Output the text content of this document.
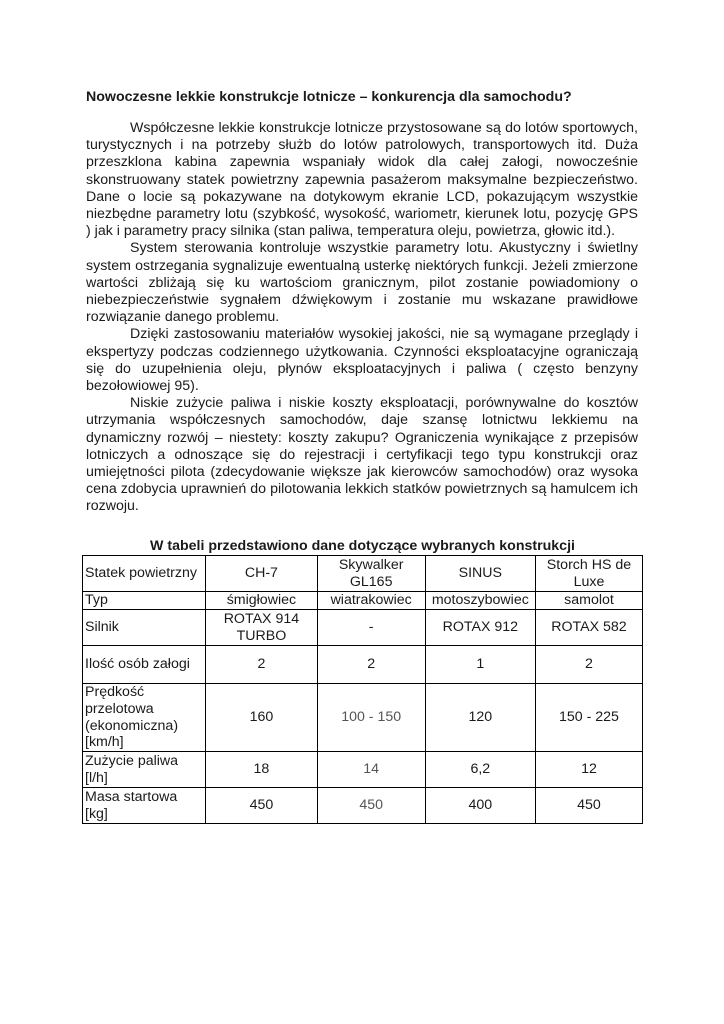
Nowoczesne lekkie konstrukcje lotnicze – konkurencja dla samochodu?

Współczesne lekkie konstrukcje lotnicze przystosowane są do lotów sportowych, turystycznych i na potrzeby służb do lotów patrolowych, transportowych itd. Duża przeszklona kabina zapewnia wspaniały widok dla całej załogi, nowocześnie skonstruowany statek powietrzny zapewnia pasażerom maksymalne bezpieczeństwo. Dane o locie są pokazywane na dotykowym ekranie LCD, pokazującym wszystkie niezbędne parametry lotu (szybkość, wysokość, wariometr, kierunek lotu, pozycję GPS ) jak i parametry pracy silnika (stan paliwa, temperatura oleju, powietrza, głowic itd.).

System sterowania kontroluje wszystkie parametry lotu. Akustyczny i świetlny system ostrzegania sygnalizuje ewentualną usterkę niektórych funkcji. Jeżeli zmierzone wartości zbliżają się ku wartościom granicznym, pilot zostanie powiadomiony o niebezpieczeństwie sygnałem dźwiękowym i zostanie mu wskazane prawidłowe rozwiązanie danego problemu.

Dzięki zastosowaniu materiałów wysokiej jakości, nie są wymagane przeglądy i ekspertyzy podczas codziennego użytkowania. Czynności eksploatacyjne ograniczają się do uzupełnienia oleju, płynów eksploatacyjnych i paliwa ( często benzyny bezołowiowej 95).

Niskie zużycie paliwa i niskie koszty eksploatacji, porównywalne do kosztów utrzymania współczesnych samochodów, daje szansę lotnictwu lekkiemu na dynamiczny rozwój – niestety: koszty zakupu? Ograniczenia wynikające z przepisów lotniczych a odnoszące się do rejestracji i certyfikacji tego typu konstrukcji oraz umiejętności pilota (zdecydowanie większe jak kierowców samochodów) oraz wysoka cena zdobycia uprawnień do pilotowania lekkich statków powietrznych są hamulcem ich rozwoju.

W tabeli przedstawiono dane dotyczące wybranych konstrukcji
Statek powietrzny	CH-7	Skywalker GL165	SINUS	Storch HS de Luxe
Typ	śmigłowiec	wiatrakowiec	motoszybowiec	samolot
Silnik	ROTAX 914 TURBO	-	ROTAX 912	ROTAX 582
Ilość osób załogi	2	2	1	2
Prędkość przelotowa (ekonomiczna) [km/h]	160	100 - 150	120	150 - 225
Zużycie paliwa [l/h]	18	14	6,2	12
Masa startowa [kg]	450	450	400	450
